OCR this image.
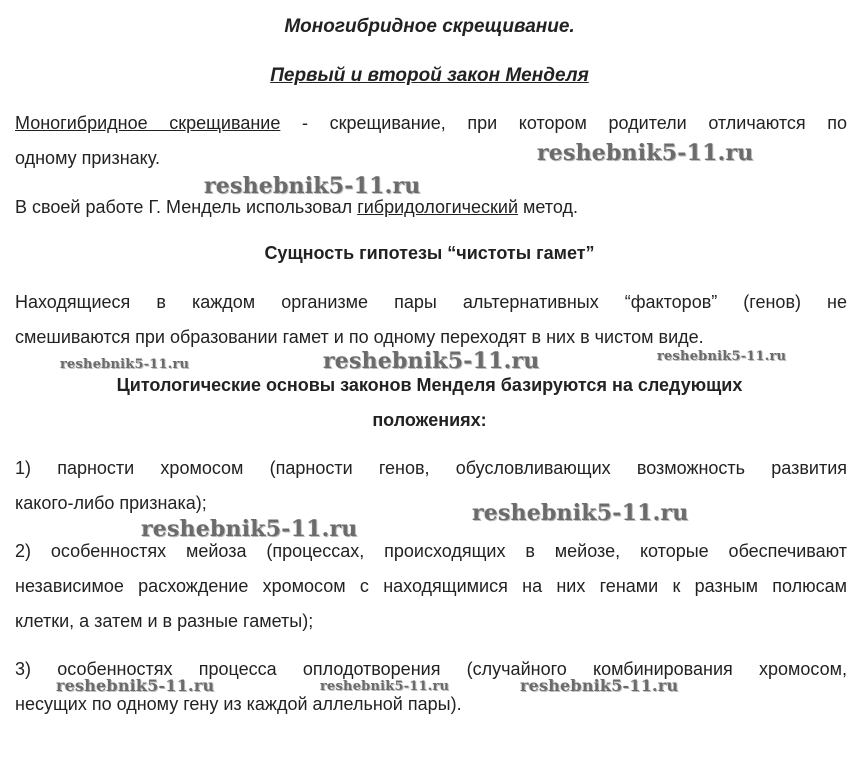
Моногибридное скрещивание.
Первый и второй закон Менделя
Моногибридное скрещивание - скрещивание, при котором родители отличаются по
одному признаку.
В своей работе Г. Мендель использовал гибридологический метод.
Сущность гипотезы “чистоты гамет”
Находящиеся в каждом организме пары альтернативных “факторов” (генов) не
смешиваются при образовании гамет и по одному переходят в них в чистом виде.
Цитологические основы законов Менделя базируются на следующих
положениях:
1) парности хромосом (парности генов, обусловливающих возможность развития
какого-либо признака);
2) особенностях мейоза (процессах, происходящих в мейозе, которые обеспечивают
независимое расхождение хромосом с находящимися на них генами к разным полюсам
клетки, а затем и в разные гаметы);
3) особенностях процесса оплодотворения (случайного комбинирования хромосом,
несущих по одному гену из каждой аллельной пары).
reshebnik5-11.ru
reshebnik5-11.ru
reshebnik5-11.ru	reshebnik5-11.ru	reshebnik5-11.ru
reshebnik5-11.ru
reshebnik5-11.ru
reshebnik5-11.ru	reshebnik5-11.ru	reshebnik5-11.ru
